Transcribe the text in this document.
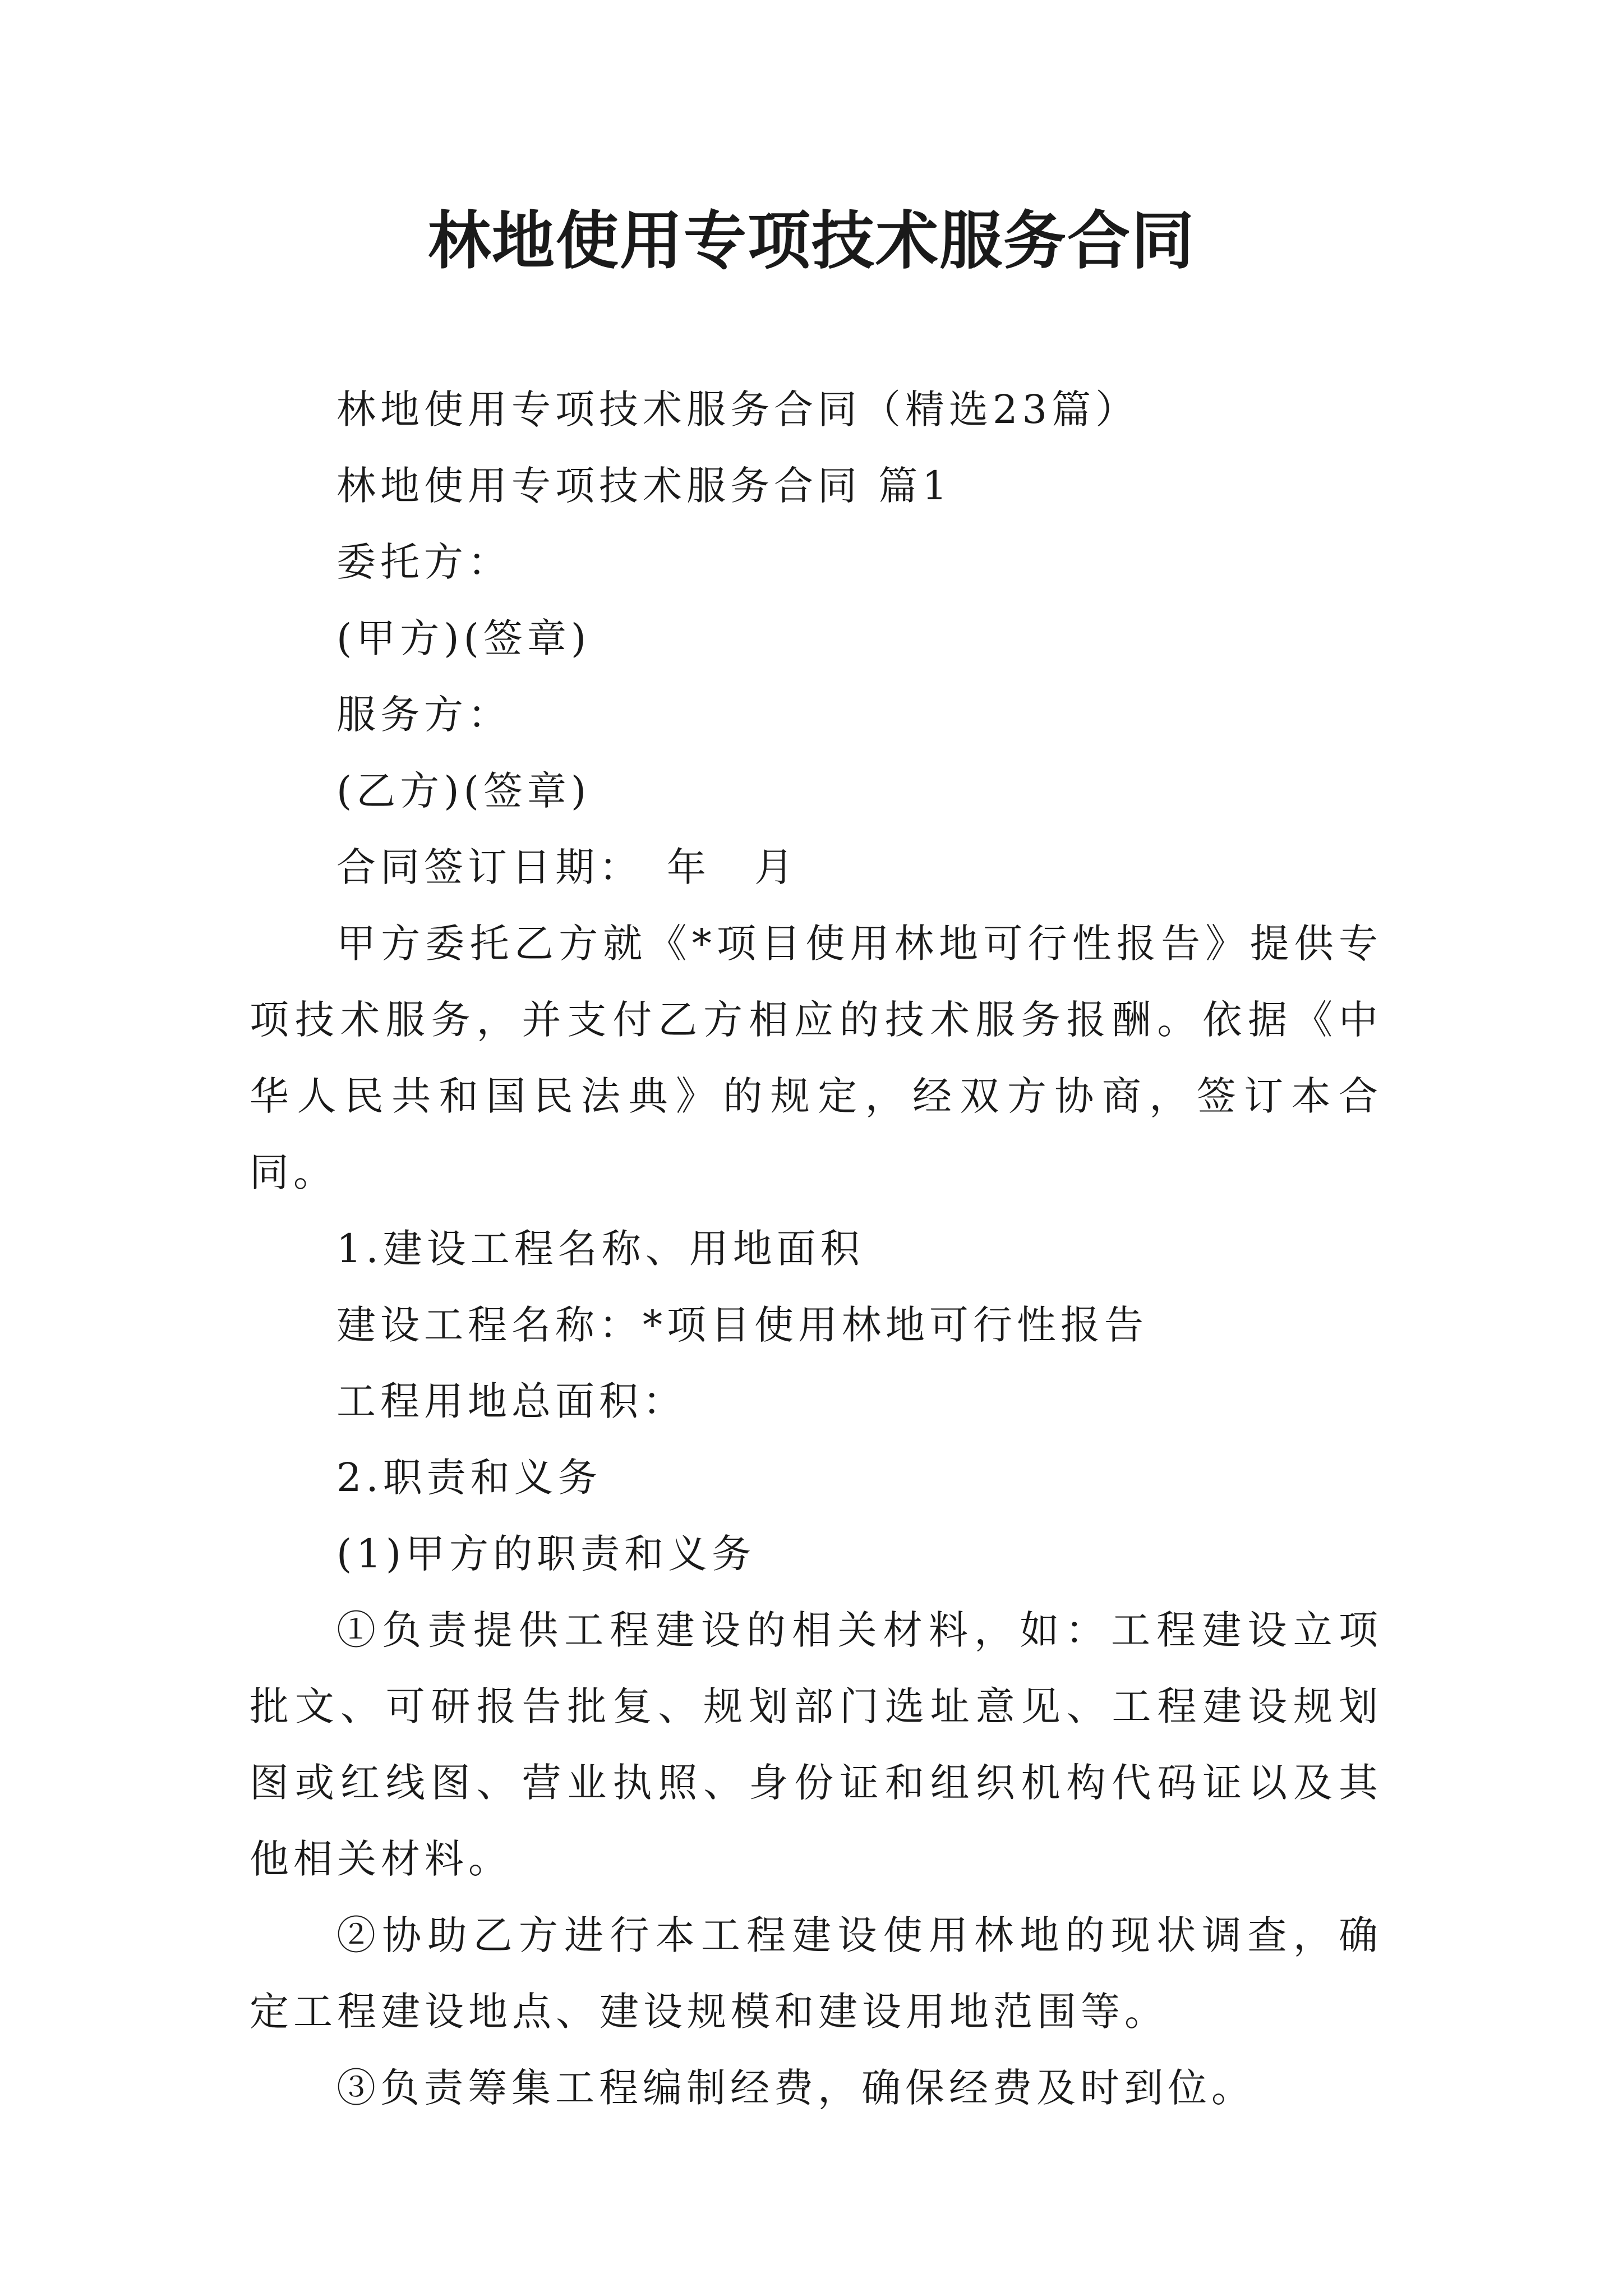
林地使用专项技术服务合同

林地使用专项技术服务合同（精选23篇）

林地使用专项技术服务合同 篇1

委托方：

(甲方)(签章)

服务方：

(乙方)(签章)

合同签订日期：　年　月

甲方委托乙方就《*项目使用林地可行性报告》提供专项技术服务，并支付乙方相应的技术服务报酬。依据《中华人民共和国民法典》的规定，经双方协商，签订本合同。

1.建设工程名称、用地面积

建设工程名称：*项目使用林地可行性报告

工程用地总面积：

2.职责和义务

(1)甲方的职责和义务

①负责提供工程建设的相关材料，如：工程建设立项批文、可研报告批复、规划部门选址意见、工程建设规划图或红线图、营业执照、身份证和组织机构代码证以及其他相关材料。

②协助乙方进行本工程建设使用林地的现状调查，确定工程建设地点、建设规模和建设用地范围等。

③负责筹集工程编制经费，确保经费及时到位。
